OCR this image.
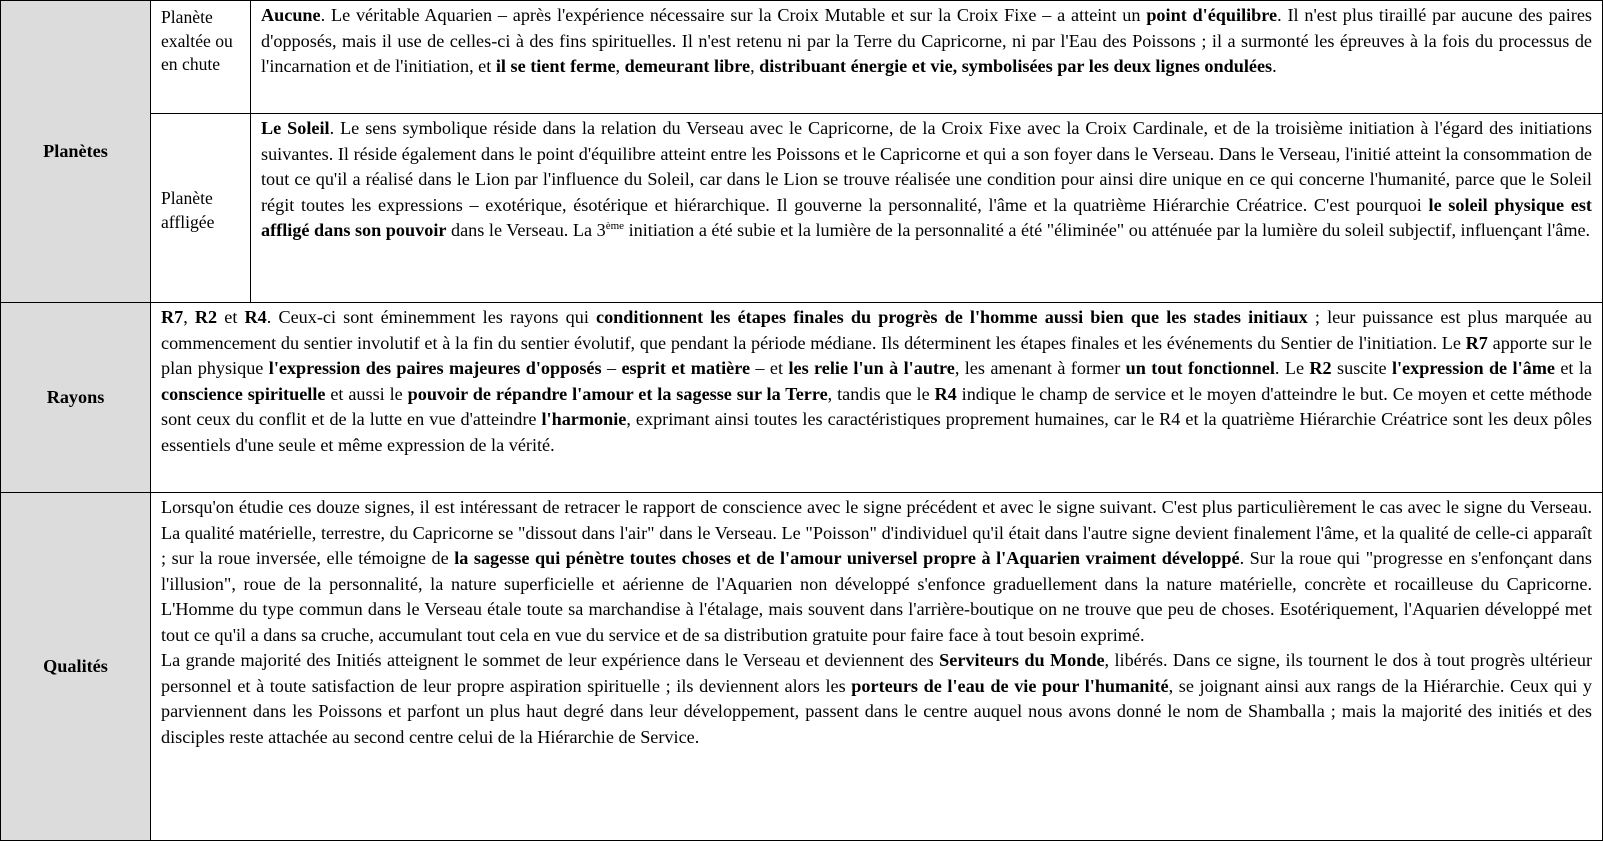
Planètes	Planète exaltée ou en chute	Aucune. Le véritable Aquarien – après l'expérience nécessaire sur la Croix Mutable et sur la Croix Fixe – a atteint un point d'équilibre. Il n'est plus tiraillé par aucune des paires d'opposés, mais il use de celles-ci à des fins spirituelles. Il n'est retenu ni par la Terre du Capricorne, ni par l'Eau des Poissons ; il a surmonté les épreuves à la fois du processus de l'incarnation et de l'initiation, et il se tient ferme, demeurant libre, distribuant énergie et vie, symbolisées par les deux lignes ondulées.
	Planète affligée	Le Soleil. Le sens symbolique réside dans la relation du Verseau avec le Capricorne, de la Croix Fixe avec la Croix Cardinale, et de la troisième initiation à l'égard des initiations suivantes. Il réside également dans le point d'équilibre atteint entre les Poissons et le Capricorne et qui a son foyer dans le Verseau. Dans le Verseau, l'initié atteint la consommation de tout ce qu'il a réalisé dans le Lion par l'influence du Soleil, car dans le Lion se trouve réalisée une condition pour ainsi dire unique en ce qui concerne l'humanité, parce que le Soleil régit toutes les expressions – exotérique, ésotérique et hiérarchique. Il gouverne la personnalité, l'âme et la quatrième Hiérarchie Créatrice. C'est pourquoi le soleil physique est affligé dans son pouvoir dans le Verseau. La 3ème initiation a été subie et la lumière de la personnalité a été "éliminée" ou atténuée par la lumière du soleil subjectif, influençant l'âme.
Rayons	R7, R2 et R4. Ceux-ci sont éminemment les rayons qui conditionnent les étapes finales du progrès de l'homme aussi bien que les stades initiaux ; leur puissance est plus marquée au commencement du sentier involutif et à la fin du sentier évolutif, que pendant la période médiane. Ils déterminent les étapes finales et les événements du Sentier de l'initiation. Le R7 apporte sur le plan physique l'expression des paires majeures d'opposés – esprit et matière – et les relie l'un à l'autre, les amenant à former un tout fonctionnel. Le R2 suscite l'expression de l'âme et la conscience spirituelle et aussi le pouvoir de répandre l'amour et la sagesse sur la Terre, tandis que le R4 indique le champ de service et le moyen d'atteindre le but. Ce moyen et cette méthode sont ceux du conflit et de la lutte en vue d'atteindre l'harmonie, exprimant ainsi toutes les caractéristiques proprement humaines, car le R4 et la quatrième Hiérarchie Créatrice sont les deux pôles essentiels d'une seule et même expression de la vérité.	
Qualités	Lorsqu'on étudie ces douze signes, il est intéressant de retracer le rapport de conscience avec le signe précédent et avec le signe suivant. C'est plus particulièrement le cas avec le signe du Verseau. La qualité matérielle, terrestre, du Capricorne se "dissout dans l'air" dans le Verseau. Le "Poisson" d'individuel qu'il était dans l'autre signe devient finalement l'âme, et la qualité de celle-ci apparaît ; sur la roue inversée, elle témoigne de la sagesse qui pénètre toutes choses et de l'amour universel propre à l'Aquarien vraiment développé. Sur la roue qui "progresse en s'enfonçant dans l'illusion", roue de la personnalité, la nature superficielle et aérienne de l'Aquarien non développé s'enfonce graduellement dans la nature matérielle, concrète et rocailleuse du Capricorne. L'Homme du type commun dans le Verseau étale toute sa marchandise à l'étalage, mais souvent dans l'arrière-boutique on ne trouve que peu de choses. Esotériquement, l'Aquarien développé met tout ce qu'il a dans sa cruche, accumulant tout cela en vue du service et de sa distribution gratuite pour faire face à tout besoin exprimé.

La grande majorité des Initiés atteignent le sommet de leur expérience dans le Verseau et deviennent des Serviteurs du Monde, libérés. Dans ce signe, ils tournent le dos à tout progrès ultérieur personnel et à toute satisfaction de leur propre aspiration spirituelle ; ils deviennent alors les porteurs de l'eau de vie pour l'humanité, se joignant ainsi aux rangs de la Hiérarchie. Ceux qui y parviennent dans les Poissons et parfont un plus haut degré dans leur développement, passent dans le centre auquel nous avons donné le nom de Shamballa ; mais la majorité des initiés et des disciples reste attachée au second centre celui de la Hiérarchie de Service.	
